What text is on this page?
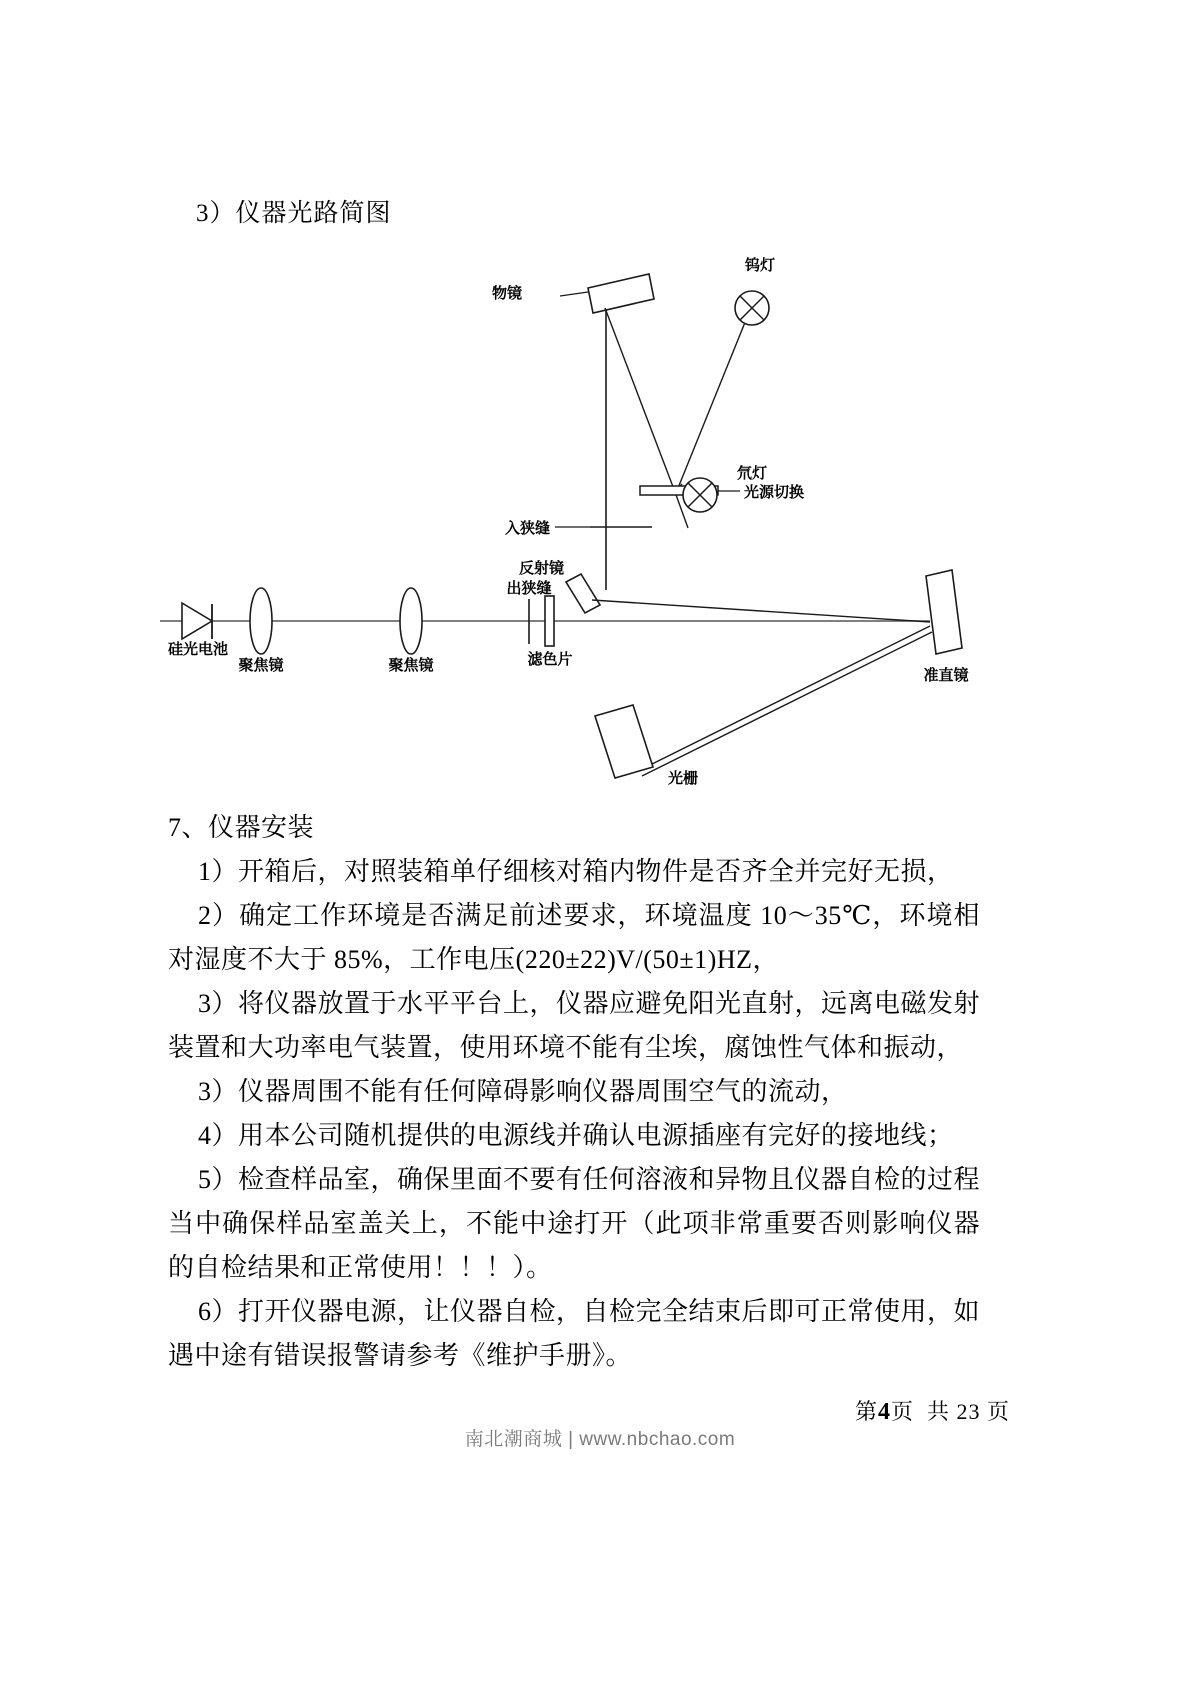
3）仪器光路简图
物镜
钨灯
光源切换
氘灯
入狭缝
反射镜
出狭缝
滤色片
硅光电池
聚焦镜	聚焦镜
准直镜
光栅

7、仪器安装

1）开箱后，对照装箱单仔细核对箱内物件是否齐全并完好无损，

2）确定工作环境是否满足前述要求，环境温度 10～35℃，环境相对湿度不大于 85%，工作电压(220±22)V/(50±1)HZ，

3）将仪器放置于水平平台上，仪器应避免阳光直射，远离电磁发射装置和大功率电气装置，使用环境不能有尘埃，腐蚀性气体和振动，

3）仪器周围不能有任何障碍影响仪器周围空气的流动，

4）用本公司随机提供的电源线并确认电源插座有完好的接地线；

5）检查样品室，确保里面不要有任何溶液和异物且仪器自检的过程当中确保样品室盖关上，不能中途打开（此项非常重要否则影响仪器的自检结果和正常使用！！！）。

6）打开仪器电源，让仪器自检，自检完全结束后即可正常使用，如遇中途有错误报警请参考《维护手册》。

第4页 共 23 页
南北潮商城 | www.nbchao.com
